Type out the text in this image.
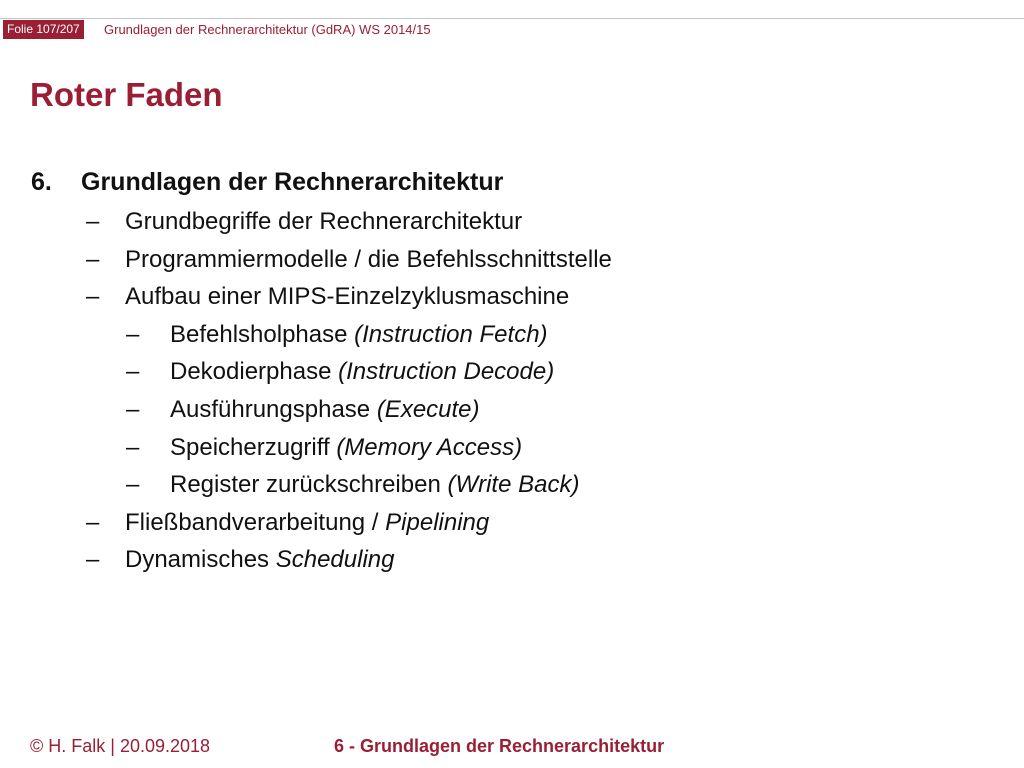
Folie 107/207	Grundlagen der Rechnerarchitektur (GdRA) WS 2014/15
Roter Faden
6. Grundlagen der Rechnerarchitektur
– Grundbegriffe der Rechnerarchitektur
– Programmiermodelle / die Befehlsschnittstelle
– Aufbau einer MIPS-Einzelzyklusmaschine
– Befehlsholphase (Instruction Fetch)
– Dekodierphase (Instruction Decode)
– Ausführungsphase (Execute)
– Speicherzugriff (Memory Access)
– Register zurückschreiben (Write Back)
– Fließbandverarbeitung / Pipelining
– Dynamisches Scheduling
© H. Falk | 20.09.2018	6 - Grundlagen der Rechnerarchitektur
